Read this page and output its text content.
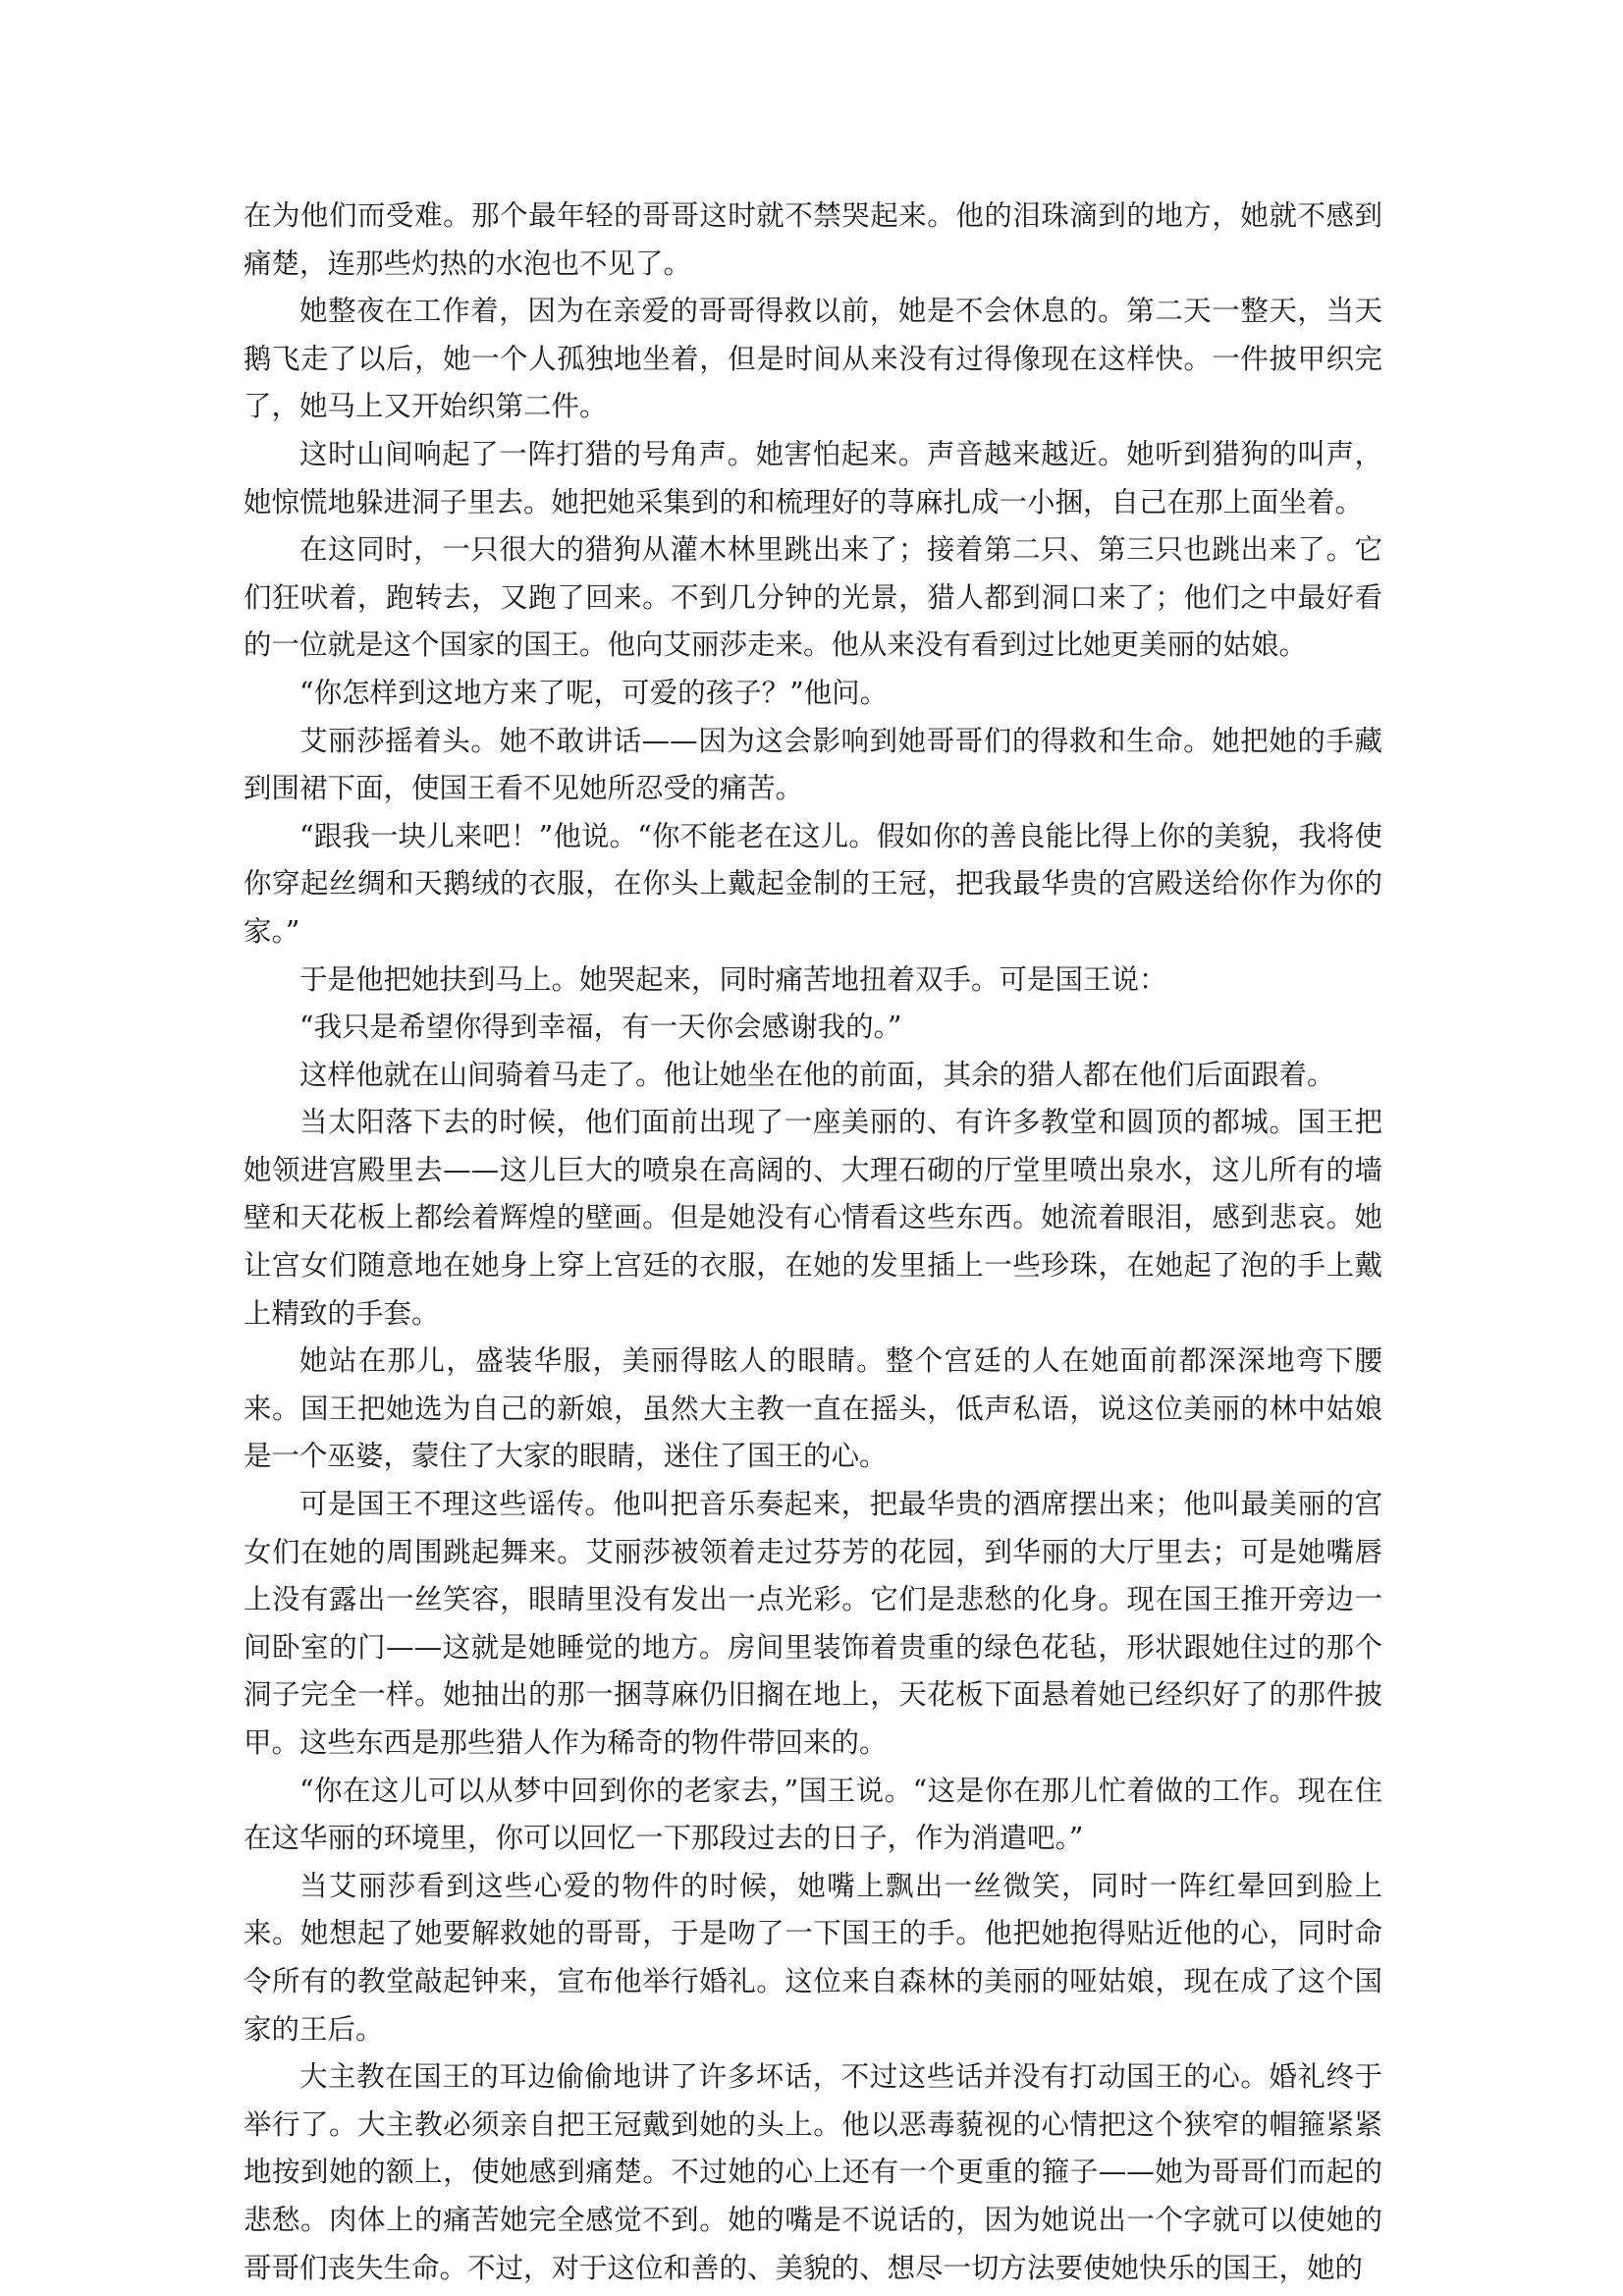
在为他们而受难。那个最年轻的哥哥这时就不禁哭起来。他的泪珠滴到的地方，她就不感到痛楚，连那些灼热的水泡也不见了。

她整夜在工作着，因为在亲爱的哥哥得救以前，她是不会休息的。第二天一整天，当天鹅飞走了以后，她一个人孤独地坐着，但是时间从来没有过得像现在这样快。一件披甲织完了，她马上又开始织第二件。

这时山间响起了一阵打猎的号角声。她害怕起来。声音越来越近。她听到猎狗的叫声，她惊慌地躲进洞子里去。她把她采集到的和梳理好的荨麻扎成一小捆，自己在那上面坐着。

在这同时，一只很大的猎狗从灌木林里跳出来了；接着第二只、第三只也跳出来了。它们狂吠着，跑转去，又跑了回来。不到几分钟的光景，猎人都到洞口来了；他们之中最好看的一位就是这个国家的国王。他向艾丽莎走来。他从来没有看到过比她更美丽的姑娘。

“你怎样到这地方来了呢，可爱的孩子？”他问。

艾丽莎摇着头。她不敢讲话——因为这会影响到她哥哥们的得救和生命。她把她的手藏到围裙下面，使国王看不见她所忍受的痛苦。

“跟我一块儿来吧！”他说。“你不能老在这儿。假如你的善良能比得上你的美貌，我将使你穿起丝绸和天鹅绒的衣服，在你头上戴起金制的王冠，把我最华贵的宫殿送给你作为你的家。”

于是他把她扶到马上。她哭起来，同时痛苦地扭着双手。可是国王说：

“我只是希望你得到幸福，有一天你会感谢我的。”

这样他就在山间骑着马走了。他让她坐在他的前面，其余的猎人都在他们后面跟着。

当太阳落下去的时候，他们面前出现了一座美丽的、有许多教堂和圆顶的都城。国王把她领进宫殿里去——这儿巨大的喷泉在高阔的、大理石砌的厅堂里喷出泉水，这儿所有的墙壁和天花板上都绘着辉煌的壁画。但是她没有心情看这些东西。她流着眼泪，感到悲哀。她让宫女们随意地在她身上穿上宫廷的衣服，在她的发里插上一些珍珠，在她起了泡的手上戴上精致的手套。

她站在那儿，盛装华服，美丽得眩人的眼睛。整个宫廷的人在她面前都深深地弯下腰来。国王把她选为自己的新娘，虽然大主教一直在摇头，低声私语，说这位美丽的林中姑娘是一个巫婆，蒙住了大家的眼睛，迷住了国王的心。

可是国王不理这些谣传。他叫把音乐奏起来，把最华贵的酒席摆出来；他叫最美丽的宫女们在她的周围跳起舞来。艾丽莎被领着走过芬芳的花园，到华丽的大厅里去；可是她嘴唇上没有露出一丝笑容，眼睛里没有发出一点光彩。它们是悲愁的化身。现在国王推开旁边一间卧室的门——这就是她睡觉的地方。房间里装饰着贵重的绿色花毡，形状跟她住过的那个洞子完全一样。她抽出的那一捆荨麻仍旧搁在地上，天花板下面悬着她已经织好了的那件披甲。这些东西是那些猎人作为稀奇的物件带回来的。

“你在这儿可以从梦中回到你的老家去，”国王说。“这是你在那儿忙着做的工作。现在住在这华丽的环境里，你可以回忆一下那段过去的日子，作为消遣吧。”

当艾丽莎看到这些心爱的物件的时候，她嘴上飘出一丝微笑，同时一阵红晕回到脸上来。她想起了她要解救她的哥哥，于是吻了一下国王的手。他把她抱得贴近他的心，同时命令所有的教堂敲起钟来，宣布他举行婚礼。这位来自森林的美丽的哑姑娘，现在成了这个国家的王后。

大主教在国王的耳边偷偷地讲了许多坏话，不过这些话并没有打动国王的心。婚礼终于举行了。大主教必须亲自把王冠戴到她的头上。他以恶毒藐视的心情把这个狭窄的帽箍紧紧地按到她的额上，使她感到痛楚。不过她的心上还有一个更重的箍子——她为哥哥们而起的悲愁。肉体上的痛苦她完全感觉不到。她的嘴是不说话的，因为她说出一个字就可以使她的哥哥们丧失生命。不过，对于这位和善的、美貌的、想尽一切方法要使她快乐的国王，她的
